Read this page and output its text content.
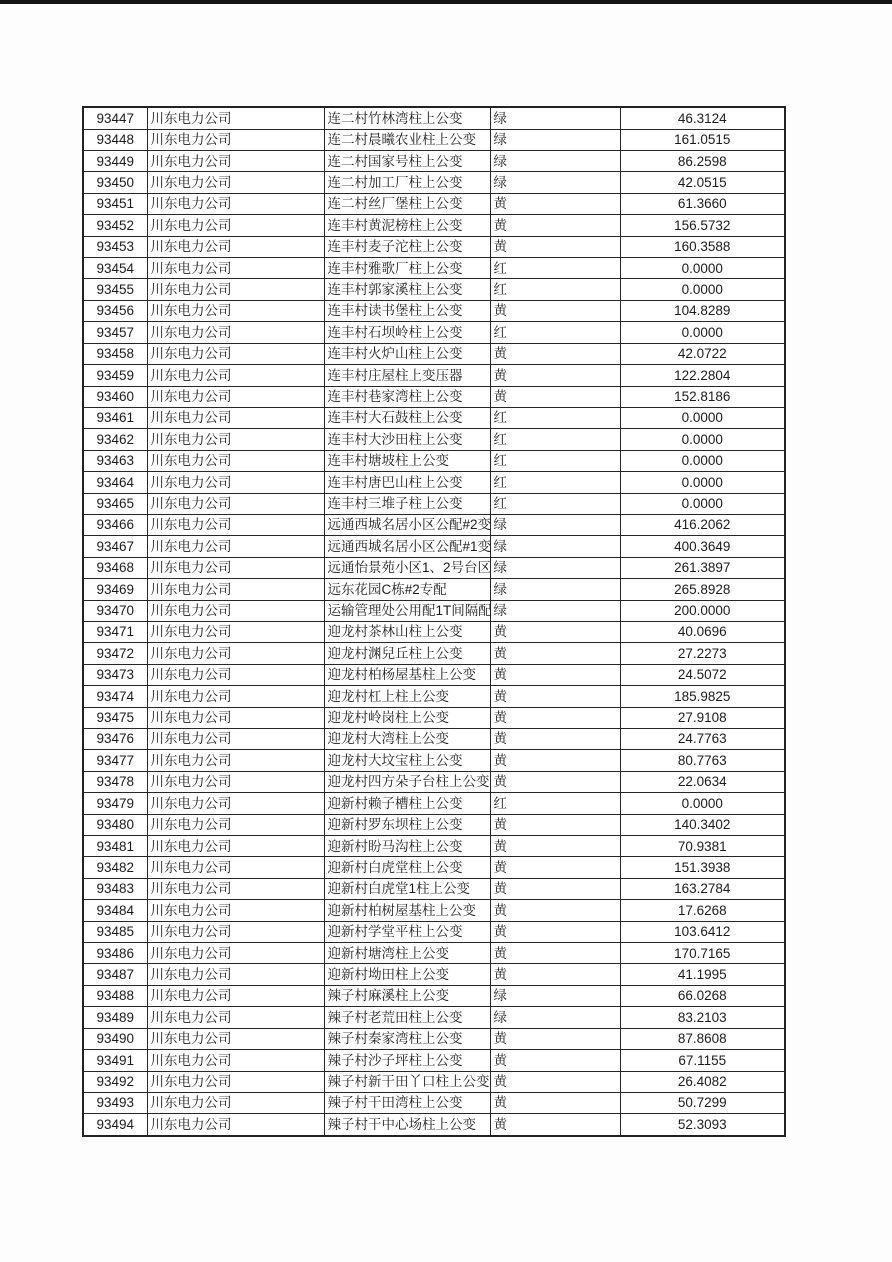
93447	川东电力公司	连二村竹林湾柱上公变	绿	46.3124
93448	川东电力公司	连二村晨曦农业柱上公变	绿	161.0515
93449	川东电力公司	连二村国家号柱上公变	绿	86.2598
93450	川东电力公司	连二村加工厂柱上公变	绿	42.0515
93451	川东电力公司	连二村丝厂堡柱上公变	黄	61.3660
93452	川东电力公司	连丰村黄泥榜柱上公变	黄	156.5732
93453	川东电力公司	连丰村麦子沱柱上公变	黄	160.3588
93454	川东电力公司	连丰村雅歌厂柱上公变	红	0.0000
93455	川东电力公司	连丰村郭家溪柱上公变	红	0.0000
93456	川东电力公司	连丰村读书堡柱上公变	黄	104.8289
93457	川东电力公司	连丰村石坝岭柱上公变	红	0.0000
93458	川东电力公司	连丰村火炉山柱上公变	黄	42.0722
93459	川东电力公司	连丰村庄屋柱上变压器	黄	122.2804
93460	川东电力公司	连丰村巷家湾柱上公变	黄	152.8186
93461	川东电力公司	连丰村大石鼓柱上公变	红	0.0000
93462	川东电力公司	连丰村大沙田柱上公变	红	0.0000
93463	川东电力公司	连丰村塘坡柱上公变	红	0.0000
93464	川东电力公司	连丰村唐巴山柱上公变	红	0.0000
93465	川东电力公司	连丰村三堆子柱上公变	红	0.0000
93466	川东电力公司	远通西城名居小区公配#2变	绿	416.2062
93467	川东电力公司	远通西城名居小区公配#1变	绿	400.3649
93468	川东电力公司	远通怡景苑小区1、2号台区	绿	261.3897
93469	川东电力公司	远东花园C栋#2专配	绿	265.8928
93470	川东电力公司	运输管理处公用配1T间隔配	绿	200.0000
93471	川东电力公司	迎龙村茶林山柱上公变	黄	40.0696
93472	川东电力公司	迎龙村渊兒丘柱上公变	黄	27.2273
93473	川东电力公司	迎龙村柏杨屋基柱上公变	黄	24.5072
93474	川东电力公司	迎龙村杠上柱上公变	黄	185.9825
93475	川东电力公司	迎龙村岭岗柱上公变	黄	27.9108
93476	川东电力公司	迎龙村大湾柱上公变	黄	24.7763
93477	川东电力公司	迎龙村大坟宝柱上公变	黄	80.7763
93478	川东电力公司	迎龙村四方朵子台柱上公变	黄	22.0634
93479	川东电力公司	迎新村赖子槽柱上公变	红	0.0000
93480	川东电力公司	迎新村罗东坝柱上公变	黄	140.3402
93481	川东电力公司	迎新村盼马沟柱上公变	黄	70.9381
93482	川东电力公司	迎新村白虎堂柱上公变	黄	151.3938
93483	川东电力公司	迎新村白虎堂1柱上公变	黄	163.2784
93484	川东电力公司	迎新村柏树屋基柱上公变	黄	17.6268
93485	川东电力公司	迎新村学堂平柱上公变	黄	103.6412
93486	川东电力公司	迎新村塘湾柱上公变	黄	170.7165
93487	川东电力公司	迎新村坳田柱上公变	黄	41.1995
93488	川东电力公司	辣子村麻溪柱上公变	绿	66.0268
93489	川东电力公司	辣子村老荒田柱上公变	绿	83.2103
93490	川东电力公司	辣子村秦家湾柱上公变	黄	87.8608
93491	川东电力公司	辣子村沙子坪柱上公变	黄	67.1155
93492	川东电力公司	辣子村新干田丫口柱上公变	黄	26.4082
93493	川东电力公司	辣子村干田湾柱上公变	黄	50.7299
93494	川东电力公司	辣子村干中心场柱上公变	黄	52.3093
